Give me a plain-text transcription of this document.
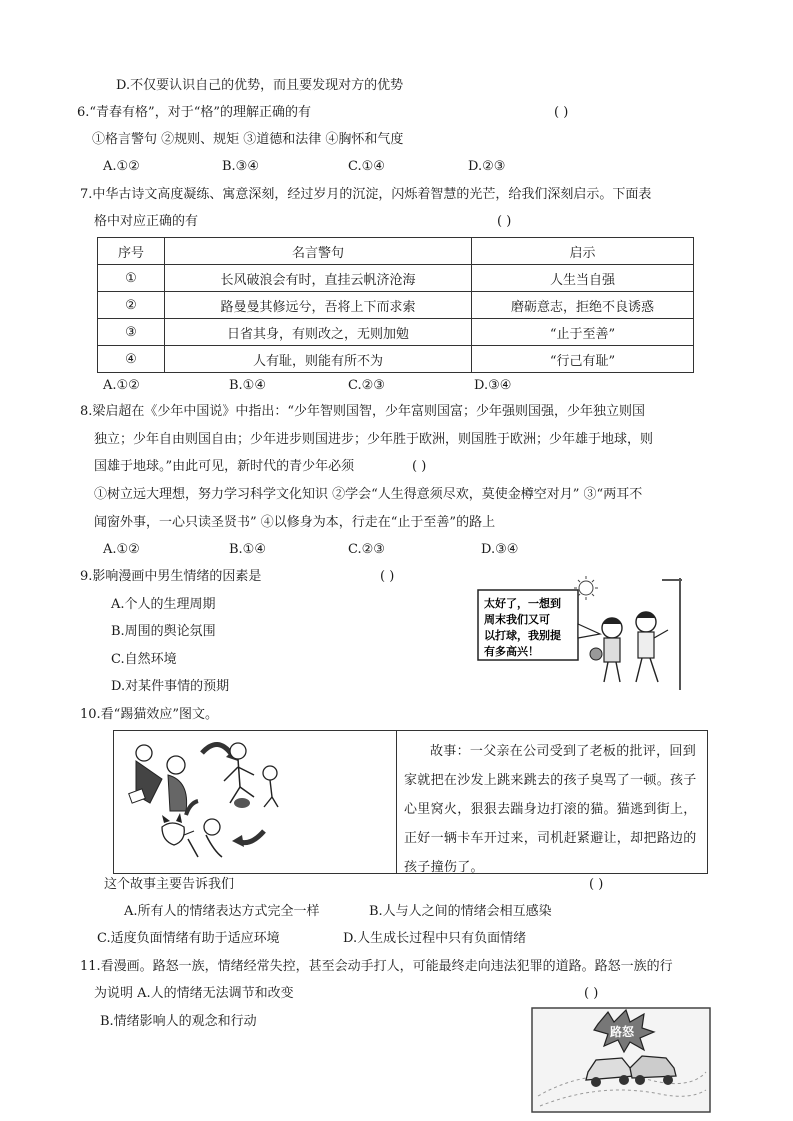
D.不仅要认识自己的优势，而且要发现对方的优势
6.“青春有格”，对于“格”的理解正确的有	( )
①格言警句 ②规则、规矩 ③道德和法律 ④胸怀和气度
A.①②	B.③④	C.①④	D.②③
7.中华古诗文高度凝练、寓意深刻，经过岁月的沉淀，闪烁着智慧的光芒，给我们深刻启示。下面表
格中对应正确的有	( )
序号	名言警句	启示
①	长风破浪会有时，直挂云帆济沧海	人生当自强
②	路曼曼其修远兮，吾将上下而求索	磨砺意志，拒绝不良诱惑
③	日省其身，有则改之，无则加勉	“止于至善”
④	人有耻，则能有所不为	“行己有耻”
A.①②	B.①④	C.②③	D.③④
8.梁启超在《少年中国说》中指出：“少年智则国智，少年富则国富；少年强则国强，少年独立则国
独立；少年自由则国自由；少年进步则国进步；少年胜于欧洲，则国胜于欧洲；少年雄于地球，则
国雄于地球。”由此可见，新时代的青少年必须	( )
①树立远大理想，努力学习科学文化知识 ②学会“人生得意须尽欢，莫使金樽空对月” ③“两耳不
闻窗外事，一心只读圣贤书” ④以修身为本，行走在“止于至善”的路上
A.①②	B.①④	C.②③	D.③④
9.影响漫画中男生情绪的因素是	( )
A.个人的生理周期
B.周围的舆论氛围
C.自然环境
D.对某件事情的预期
太好了，一想到
周末我们又可
以打球，我别提
有多高兴！
10.看“踢猫效应”图文。
故事：一父亲在公司受到了老板的批评，回到家就把在沙发上跳来跳去的孩子臭骂了一顿。孩子心里窝火，狠狠去踹身边打滚的猫。猫逃到街上，正好一辆卡车开过来，司机赶紧避让，却把路边的孩子撞伤了。
这个故事主要告诉我们	( )
A.所有人的情绪表达方式完全一样	B.人与人之间的情绪会相互感染
C.适度负面情绪有助于适应环境	D.人生成长过程中只有负面情绪
11.看漫画。路怒一族，情绪经常失控，甚至会动手打人，可能最终走向违法犯罪的道路。路怒一族的行
为说明 A.人的情绪无法调节和改变	( )
B.情绪影响人的观念和行动
路怒
